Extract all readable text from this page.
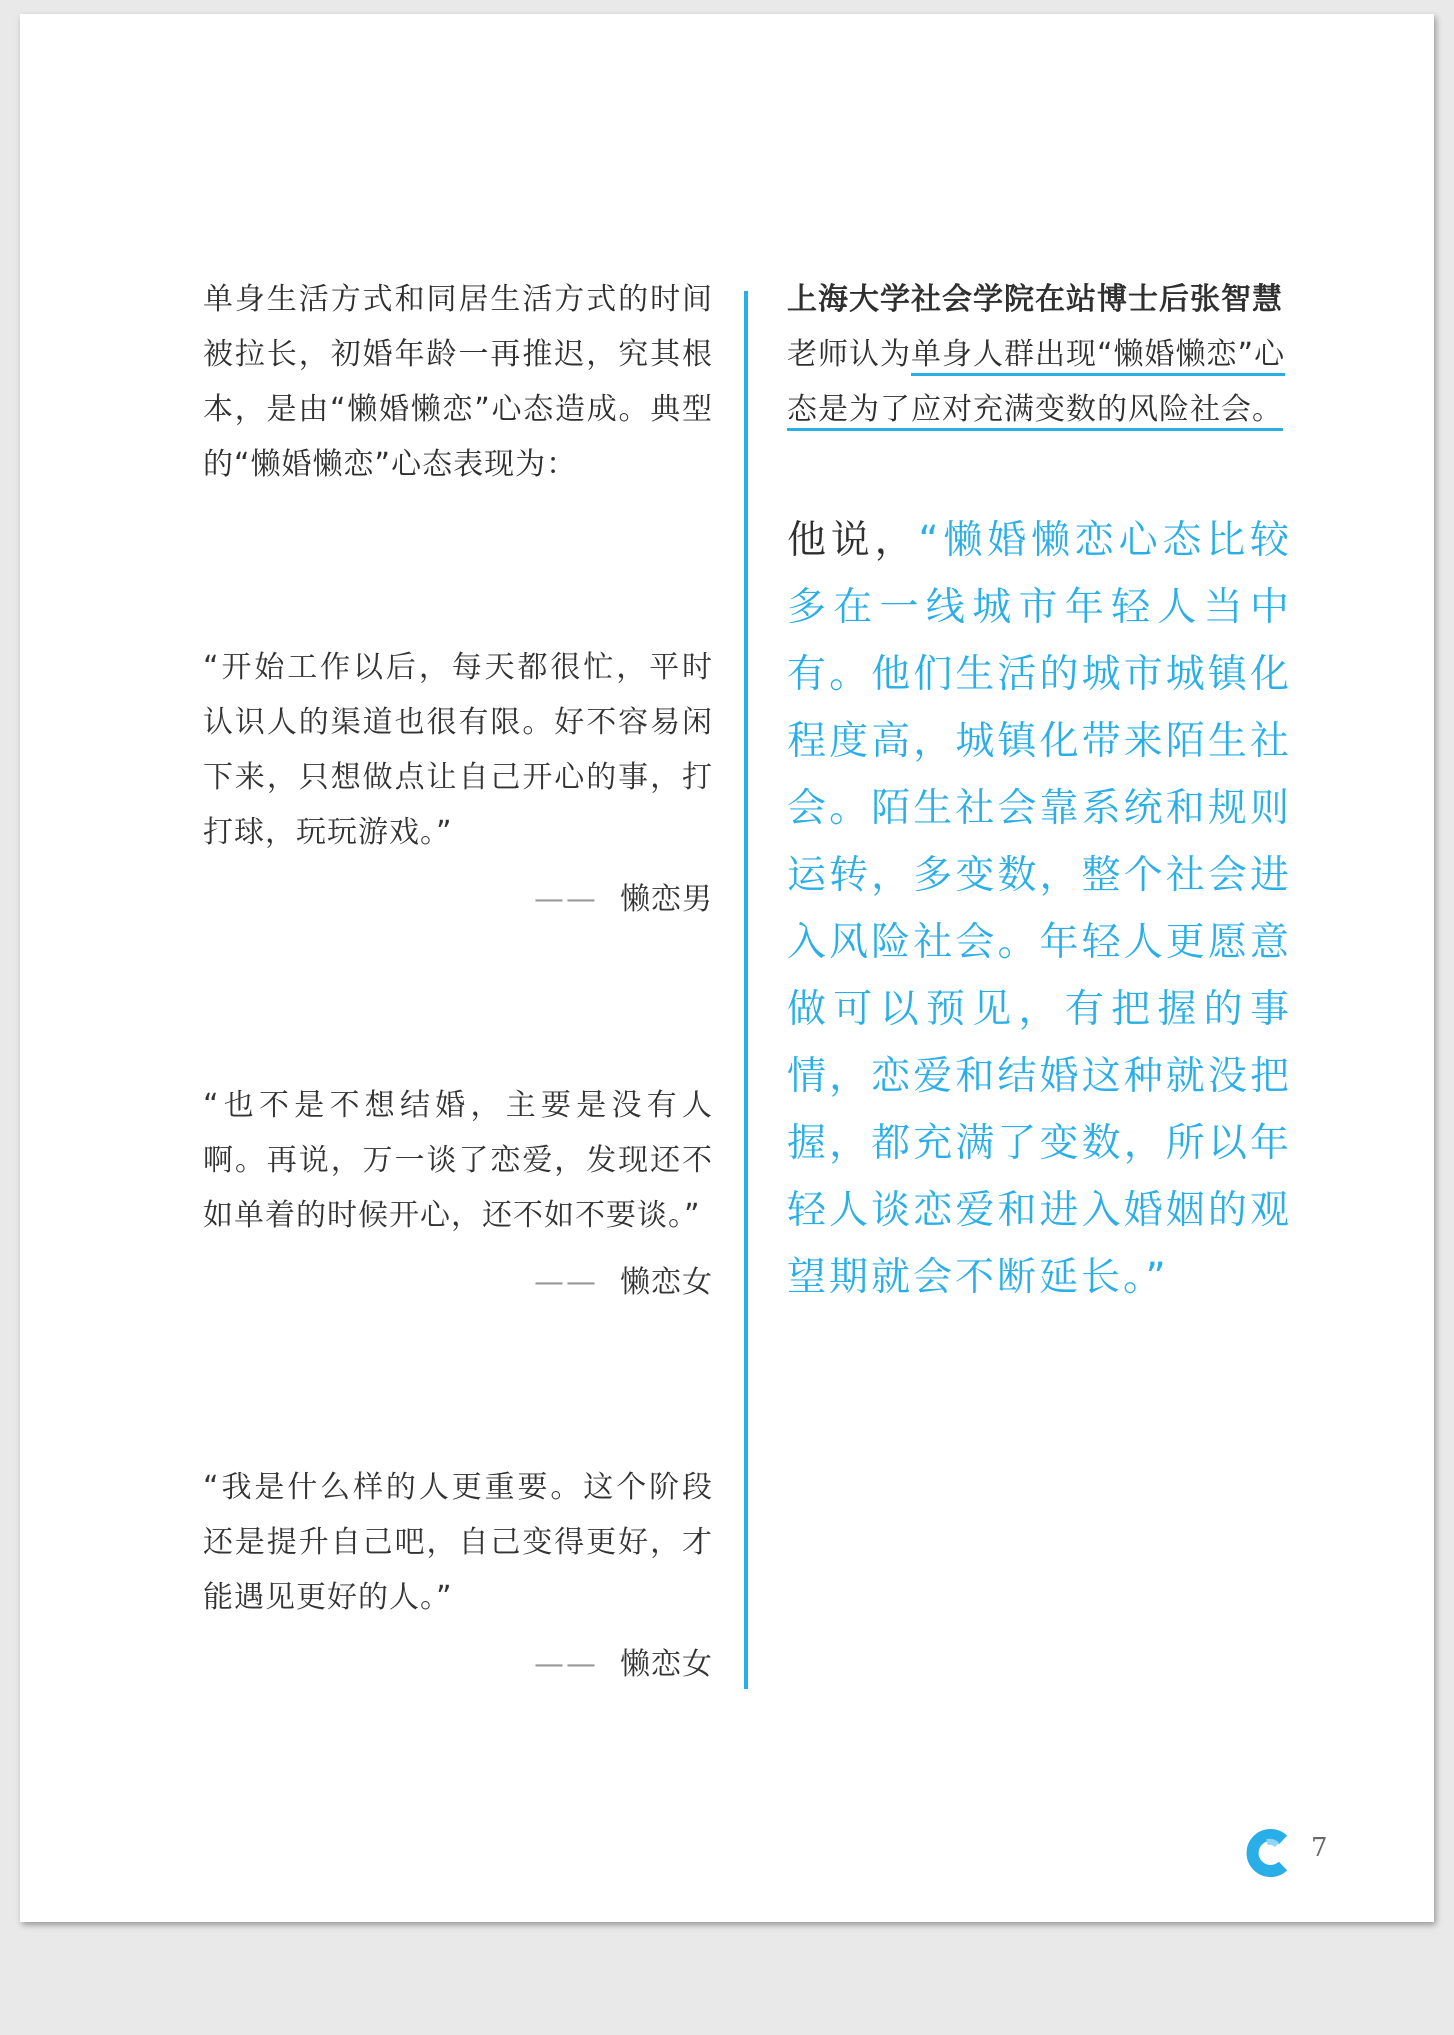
单身生活方式和同居生活方式的时间被拉长，初婚年龄一再推迟，究其根本，是由“懒婚懒恋”心态造成。典型的“懒婚懒恋”心态表现为：

“开始工作以后，每天都很忙，平时认识人的渠道也很有限。好不容易闲下来，只想做点让自己开心的事，打打球，玩玩游戏。”

—— 懒恋男

“也不是不想结婚，主要是没有人啊。再说，万一谈了恋爱，发现还不如单着的时候开心，还不如不要谈。”

—— 懒恋女

“我是什么样的人更重要。这个阶段还是提升自己吧，自己变得更好，才能遇见更好的人。”

—— 懒恋女

上海大学社会学院在站博士后张智慧老师认为单身人群出现“懒婚懒恋”心态是为了应对充满变数的风险社会。

他说，“懒婚懒恋心态比较多在一线城市年轻人当中有。他们生活的城市城镇化程度高，城镇化带来陌生社会。陌生社会靠系统和规则运转，多变数，整个社会进入风险社会。年轻人更愿意做可以预见，有把握的事情，恋爱和结婚这种就没把握，都充满了变数，所以年轻人谈恋爱和进入婚姻的观望期就会不断延长。”

7
